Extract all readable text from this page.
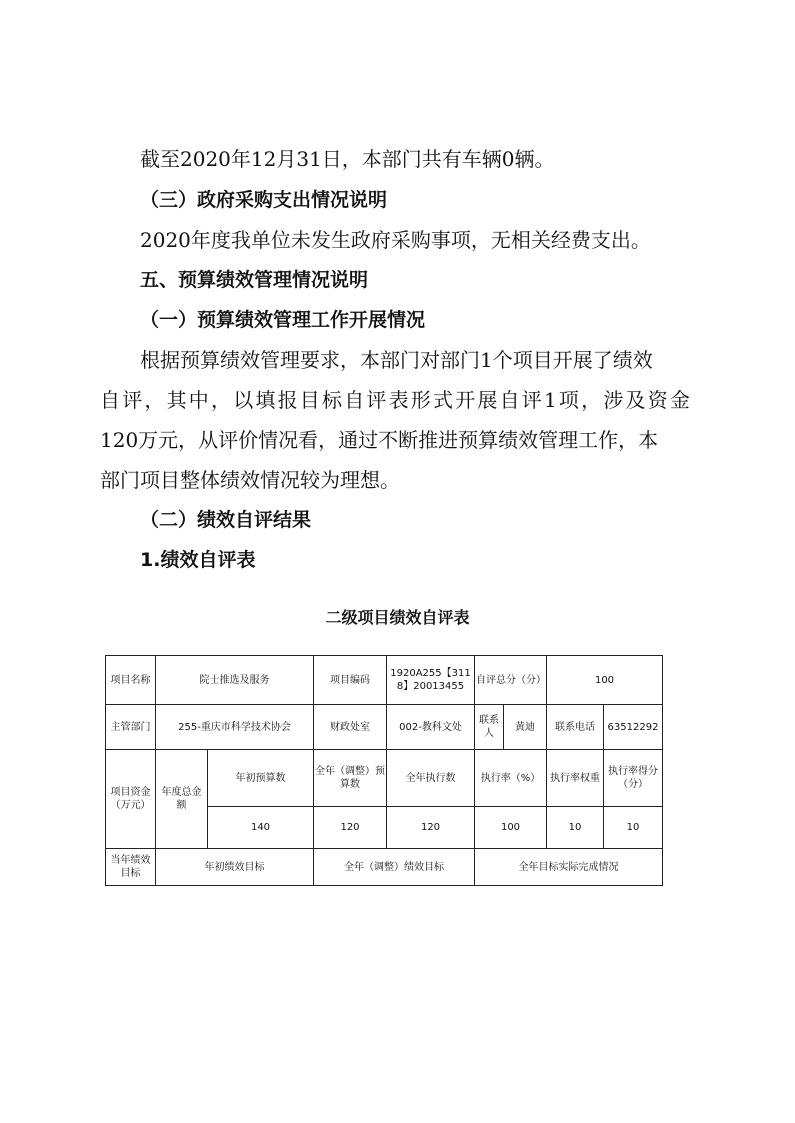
截至2020年12月31日，本部门共有车辆0辆。
（三）政府采购支出情况说明
2020年度我单位未发生政府采购事项，无相关经费支出。
五、预算绩效管理情况说明
（一）预算绩效管理工作开展情况
根据预算绩效管理要求，本部门对部门1个项目开展了绩效
自评，其中，以填报目标自评表形式开展自评1项，涉及资金
120万元，从评价情况看，通过不断推进预算绩效管理工作，本
部门项目整体绩效情况较为理想。
（二）绩效自评结果
1.绩效自评表
二级项目绩效自评表
项目名称	院士推选及服务		项目编码	1920A255【3118】20013455	自评总分（分）		100	
主管部门	255-重庆市科学技术协会		财政处室	002-教科文处	联系人	黄迪	联系电话	63512292
项目资金（万元）	年度总金额	年初预算数	全年（调整）预算数	全年执行数	执行率（%）		执行率权重	执行率得分（分）
		140	120	120	100		10	10
当年绩效目标	年初绩效目标		全年（调整）绩效目标		全年目标实际完成情况			
